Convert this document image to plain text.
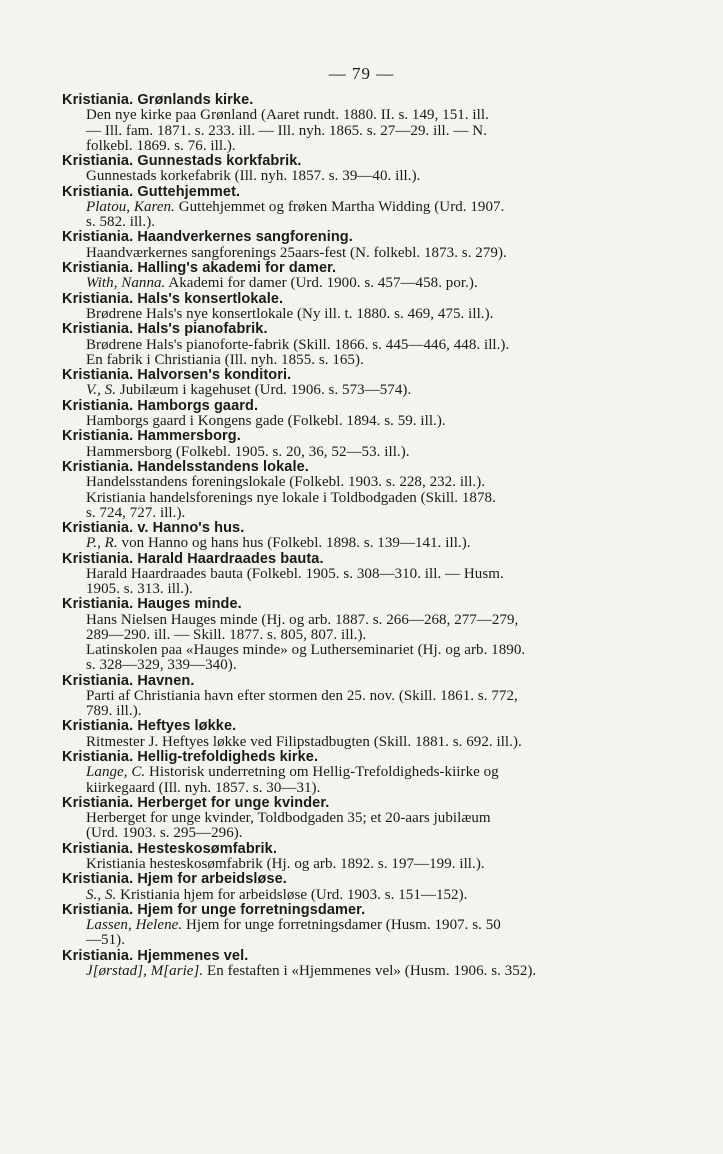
— 79 —
Kristiania. Grønlands kirke.
Den nye kirke paa Grønland (Aaret rundt. 1880. II. s. 149, 151. ill.
— Ill. fam. 1871. s. 233. ill. — Ill. nyh. 1865. s. 27—29. ill. — N.
folkebl. 1869. s. 76. ill.).
Kristiania. Gunnestads korkfabrik.
Gunnestads korkefabrik (Ill. nyh. 1857. s. 39—40. ill.).
Kristiania. Guttehjemmet.
Platou, Karen. Guttehjemmet og frøken Martha Widding (Urd. 1907.
s. 582. ill.).
Kristiania. Haandverkernes sangforening.
Haandværkernes sangforenings 25aars-fest (N. folkebl. 1873. s. 279).
Kristiania. Halling's akademi for damer.
With, Nanna. Akademi for damer (Urd. 1900. s. 457—458. por.).
Kristiania. Hals's konsertlokale.
Brødrene Hals's nye konsertlokale (Ny ill. t. 1880. s. 469, 475. ill.).
Kristiania. Hals's pianofabrik.
Brødrene Hals's pianoforte-fabrik (Skill. 1866. s. 445—446, 448. ill.).
En fabrik i Christiania (Ill. nyh. 1855. s. 165).
Kristiania. Halvorsen's konditori.
V., S. Jubilæum i kagehuset (Urd. 1906. s. 573—574).
Kristiania. Hamborgs gaard.
Hamborgs gaard i Kongens gade (Folkebl. 1894. s. 59. ill.).
Kristiania. Hammersborg.
Hammersborg (Folkebl. 1905. s. 20, 36, 52—53. ill.).
Kristiania. Handelsstandens lokale.
Handelsstandens foreningslokale (Folkebl. 1903. s. 228, 232. ill.).
Kristiania handelsforenings nye lokale i Toldbodgaden (Skill. 1878.
s. 724, 727. ill.).
Kristiania. v. Hanno's hus.
P., R. von Hanno og hans hus (Folkebl. 1898. s. 139—141. ill.).
Kristiania. Harald Haardraades bauta.
Harald Haardraades bauta (Folkebl. 1905. s. 308—310. ill. — Husm.
1905. s. 313. ill.).
Kristiania. Hauges minde.
Hans Nielsen Hauges minde (Hj. og arb. 1887. s. 266—268, 277—279,
289—290. ill. — Skill. 1877. s. 805, 807. ill.).
Latinskolen paa «Hauges minde» og Lutherseminariet (Hj. og arb. 1890.
s. 328—329, 339—340).
Kristiania. Havnen.
Parti af Christiania havn efter stormen den 25. nov. (Skill. 1861. s. 772,
789. ill.).
Kristiania. Heftyes løkke.
Ritmester J. Heftyes løkke ved Filipstadbugten (Skill. 1881. s. 692. ill.).
Kristiania. Hellig-trefoldigheds kirke.
Lange, C. Historisk underretning om Hellig-Trefoldigheds-kiirke og
kiirkegaard (Ill. nyh. 1857. s. 30—31).
Kristiania. Herberget for unge kvinder.
Herberget for unge kvinder, Toldbodgaden 35; et 20-aars jubilæum
(Urd. 1903. s. 295—296).
Kristiania. Hesteskosømfabrik.
Kristiania hesteskosømfabrik (Hj. og arb. 1892. s. 197—199. ill.).
Kristiania. Hjem for arbeidsløse.
S., S. Kristiania hjem for arbeidsløse (Urd. 1903. s. 151—152).
Kristiania. Hjem for unge forretningsdamer.
Lassen, Helene. Hjem for unge forretningsdamer (Husm. 1907. s. 50
—51).
Kristiania. Hjemmenes vel.
J[ørstad], M[arie]. En festaften i «Hjemmenes vel» (Husm. 1906. s. 352).
